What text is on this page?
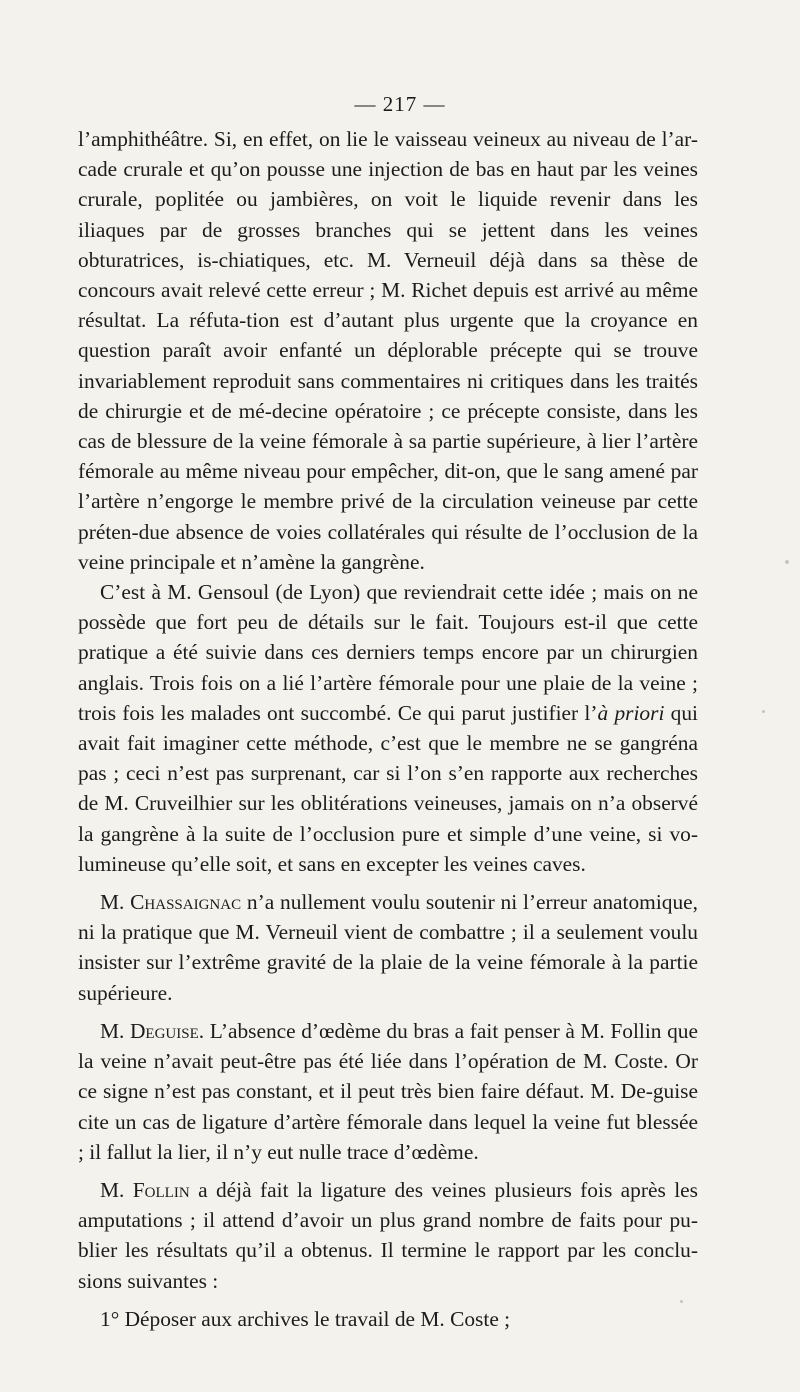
— 217 —

l’amphithéâtre. Si, en effet, on lie le vaisseau veineux au niveau de l’ar-cade crurale et qu’on pousse une injection de bas en haut par les veines crurale, poplitée ou jambières, on voit le liquide revenir dans les iliaques par de grosses branches qui se jettent dans les veines obturatrices, is-chiatiques, etc. M. Verneuil déjà dans sa thèse de concours avait relevé cette erreur ; M. Richet depuis est arrivé au même résultat. La réfuta-tion est d’autant plus urgente que la croyance en question paraît avoir enfanté un déplorable précepte qui se trouve invariablement reproduit sans commentaires ni critiques dans les traités de chirurgie et de mé-decine opératoire ; ce précepte consiste, dans les cas de blessure de la veine fémorale à sa partie supérieure, à lier l’artère fémorale au même niveau pour empêcher, dit-on, que le sang amené par l’artère n’engorge le membre privé de la circulation veineuse par cette préten-due absence de voies collatérales qui résulte de l’occlusion de la veine principale et n’amène la gangrène.

C’est à M. Gensoul (de Lyon) que reviendrait cette idée ; mais on ne possède que fort peu de détails sur le fait. Toujours est-il que cette pratique a été suivie dans ces derniers temps encore par un chirurgien anglais. Trois fois on a lié l’artère fémorale pour une plaie de la veine ; trois fois les malades ont succombé. Ce qui parut justifier l’à priori qui avait fait imaginer cette méthode, c’est que le membre ne se gangréna pas ; ceci n’est pas surprenant, car si l’on s’en rapporte aux recherches de M. Cruveilhier sur les oblitérations veineuses, jamais on n’a observé la gangrène à la suite de l’occlusion pure et simple d’une veine, si vo-lumineuse qu’elle soit, et sans en excepter les veines caves.

M. Chassaignac n’a nullement voulu soutenir ni l’erreur anatomique, ni la pratique que M. Verneuil vient de combattre ; il a seulement voulu insister sur l’extrême gravité de la plaie de la veine fémorale à la partie supérieure.

M. Deguise. L’absence d’œdème du bras a fait penser à M. Follin que la veine n’avait peut-être pas été liée dans l’opération de M. Coste. Or ce signe n’est pas constant, et il peut très bien faire défaut. M. De-guise cite un cas de ligature d’artère fémorale dans lequel la veine fut blessée ; il fallut la lier, il n’y eut nulle trace d’œdème.

M. Follin a déjà fait la ligature des veines plusieurs fois après les amputations ; il attend d’avoir un plus grand nombre de faits pour pu-blier les résultats qu’il a obtenus. Il termine le rapport par les conclu-sions suivantes :

1° Déposer aux archives le travail de M. Coste ;
